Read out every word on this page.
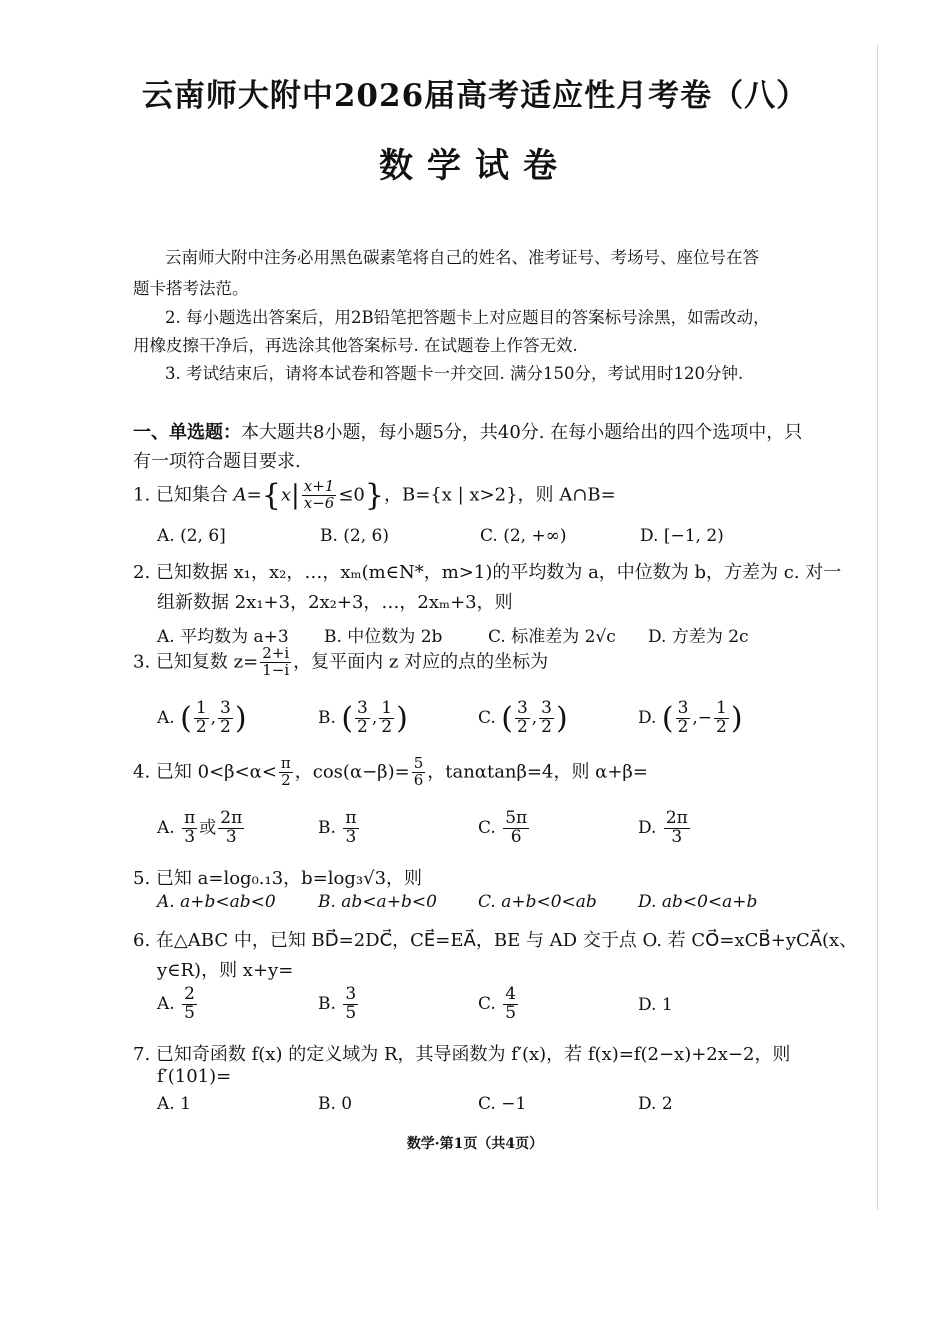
云南师大附中2026届高考适应性月考卷（八）
数学试卷
云南师大附中注务必用黑色碳素笔将自己的姓名、准考证号、考场号、座位号在答
题卡搭考法范。
2. 每小题选出答案后，用2B铅笔把答题卡上对应题目的答案标号涂黑，如需改动，
用橡皮擦干净后，再选涂其他答案标号. 在试题卷上作答无效.
3. 考试结束后，请将本试卷和答题卡一并交回. 满分150分，考试用时120分钟.
一、单选题：本大题共8小题，每小题5分，共40分. 在每小题给出的四个选项中，只
有一项符合题目要求.
1. 已知集合 $A=\{x| \frac{x+1}{x-6} \le 0\}$，B={x | x>2}，则 A∩B=
A. (2, 6]	B. (2, 6)	C. (2, +∞)	D. [−1, 2)
2. 已知数据 x₁，x₂，…，xₘ(m∈N*，m>1)的平均数为 a，中位数为 b，方差为 c. 对一
组新数据 2x₁+3，2x₂+3，…，2xₘ+3，则
A. 平均数为 a+3 B. 中位数为 2b	C. 标准差为 2√c D. 方差为 2c
3. 已知复数 $z= \frac{2+i}{1-i}$ ，复平面内 z 对应的点的坐标为
A. ( $\frac{1}{2}$ , $\frac{3}{2}$ )	B. ( $\frac{3}{2}$ , $\frac{1}{2}$ )	C. ( $\frac{3}{2}$ , $\frac{3}{2}$ )	D. ( $\frac{3}{2}$ ,− $\frac{1}{2}$ )
4. 已知 $0<\beta<\alpha< \frac{\pi}{2}$ ，$\cos(\alpha-\beta)= \frac{5}{6}$ ，tanαtanβ=4，则 α+β=
A. $\frac{\pi}{3}$ 或 $\frac{2\pi}{3}$	B. $\frac{\pi}{3}$	C. $\frac{5\pi}{6}$	D. $\frac{2\pi}{3}$
5. 已知 a=log₀.₁3，b=log₃√3，则
A. a+b<ab<0 B. ab<a+b<0 C. a+b<0<ab D. ab<0<a+b
6. 在△ABC 中，已知 BD⃗=2DC⃗，CE⃗=EA⃗，BE 与 AD 交于点 O. 若 CO⃗=xCB⃗+yCA⃗(x、
y∈R)，则 x+y=
A. $\frac{2}{5}$	B. $\frac{3}{5}$	C. $\frac{4}{5}$	D. 1
7. 已知奇函数 f(x) 的定义域为 R，其导函数为 f′(x)，若 f(x)=f(2−x)+2x−2，则
f′(101)=
A. 1	B. 0	C. −1	D. 2
数学·第1页（共4页）
